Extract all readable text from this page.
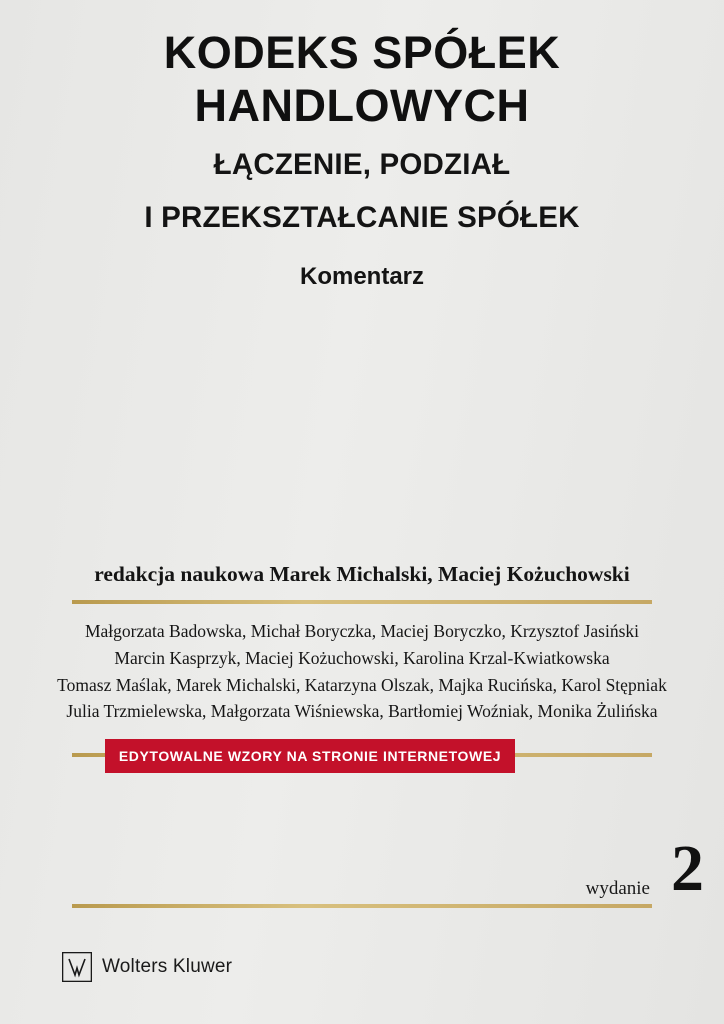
KODEKS SPÓŁEK
HANDLOWYCH
ŁĄCZENIE, PODZIAŁ
I PRZEKSZTAŁCANIE SPÓŁEK
Komentarz
redakcja naukowa Marek Michalski, Maciej Kożuchowski
Małgorzata Badowska, Michał Boryczka, Maciej Boryczko, Krzysztof Jasiński
Marcin Kasprzyk, Maciej Kożuchowski, Karolina Krzal-Kwiatkowska
Tomasz Maślak, Marek Michalski, Katarzyna Olszak, Majka Rucińska, Karol Stępniak
Julia Trzmielewska, Małgorzata Wiśniewska, Bartłomiej Woźniak, Monika Żulińska
EDYTOWALNE WZORY NA STRONIE INTERNETOWEJ
wydanie 2
Wolters Kluwer
